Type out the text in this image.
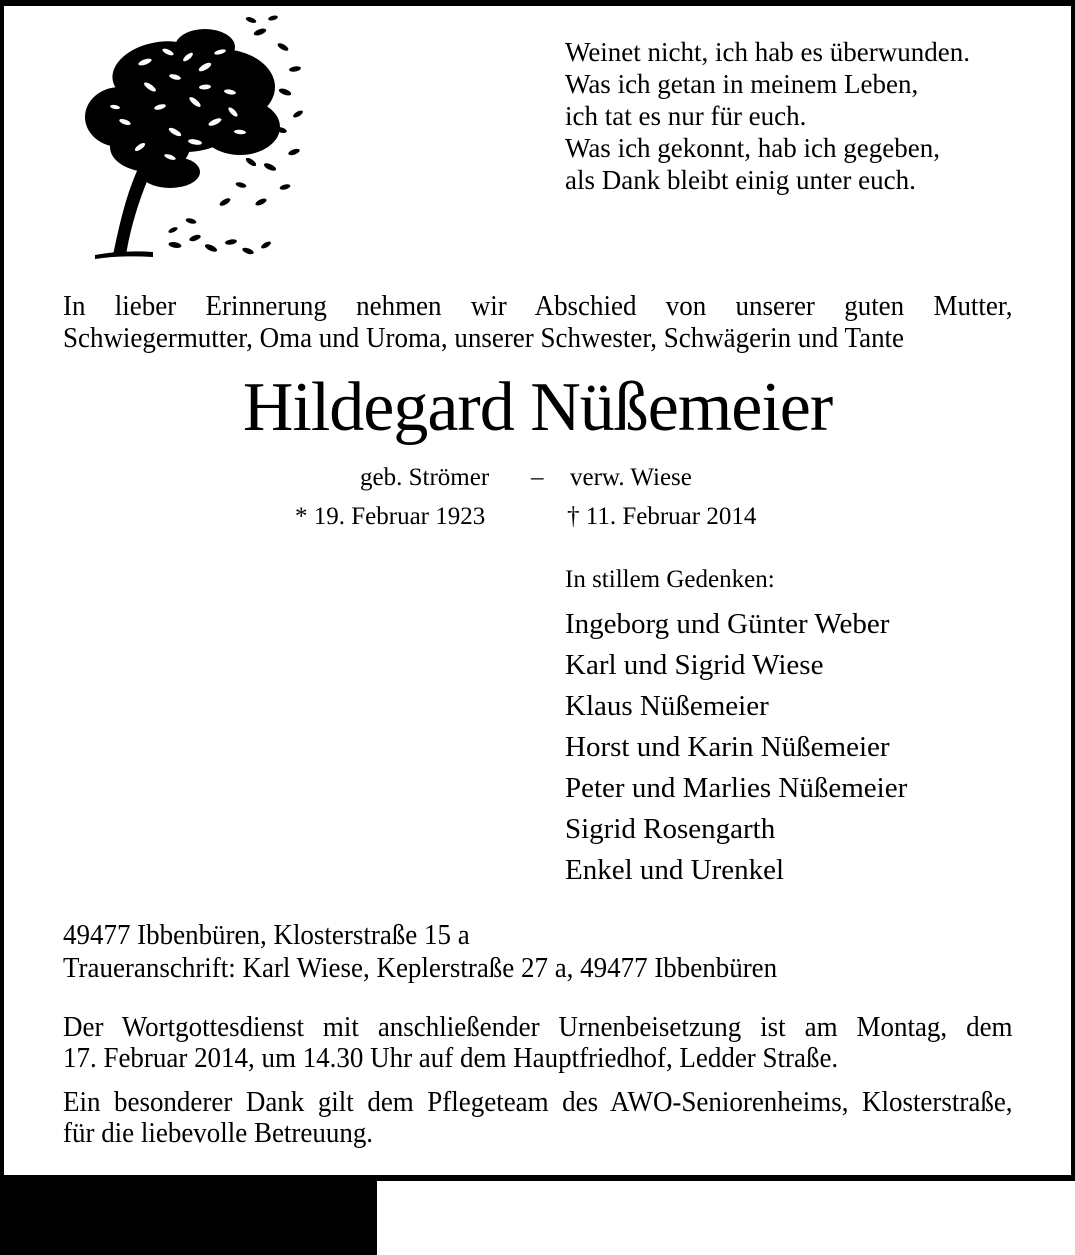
Weinet nicht, ich hab es überwunden.
Was ich getan in meinem Leben,
ich tat es nur für euch.
Was ich gekonnt, hab ich gegeben,
als Dank bleibt einig unter euch.
In lieber Erinnerung nehmen wir Abschied von unserer guten Mutter,
Schwiegermutter, Oma und Uroma, unserer Schwester, Schwägerin und Tante
Hildegard Nüßemeier
geb. Strömer – verw. Wiese
* 19. Februar 1923	† 11. Februar 2014
In stillem Gedenken:
Ingeborg und Günter Weber
Karl und Sigrid Wiese
Klaus Nüßemeier
Horst und Karin Nüßemeier
Peter und Marlies Nüßemeier
Sigrid Rosengarth
Enkel und Urenkel
49477 Ibbenbüren, Klosterstraße 15 a
Traueranschrift: Karl Wiese, Keplerstraße 27 a, 49477 Ibbenbüren
Der Wortgottesdienst mit anschließender Urnenbeisetzung ist am Montag, dem
17. Februar 2014, um 14.30 Uhr auf dem Hauptfriedhof, Ledder Straße.
Ein besonderer Dank gilt dem Pflegeteam des AWO-Seniorenheims, Klosterstraße,
für die liebevolle Betreuung.
